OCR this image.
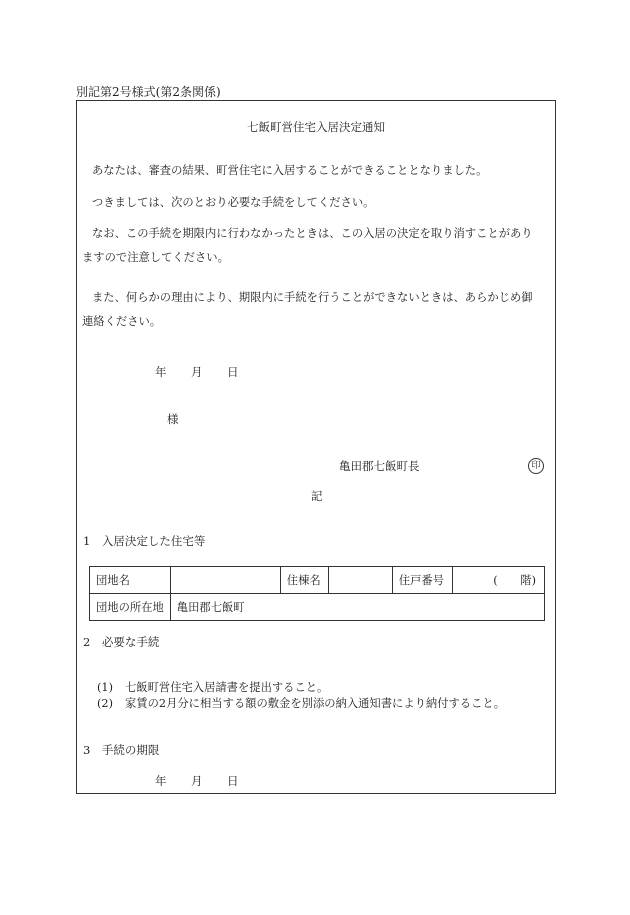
別記第2号様式(第2条関係)
七飯町営住宅入居決定通知
あなたは、審査の結果、町営住宅に入居することができることとなりました。
つきましては、次のとおり必要な手続をしてください。
なお、この手続を期限内に行わなかったときは、この入居の決定を取り消すことがあり
ますので注意してください。
また、何らかの理由により、期限内に手続を行うことができないときは、あらかじめ御
連絡ください。
年 月 日
様
亀田郡七飯町長	印
記
1　入居決定した住宅等
団地名		住棟名		住戸番号	(　　階)
団地の所在地	亀田郡七飯町				
2　必要な手続
(1) 七飯町営住宅入居請書を提出すること。
(2) 家賃の2月分に相当する額の敷金を別添の納入通知書により納付すること。
3　手続の期限
年 月 日
